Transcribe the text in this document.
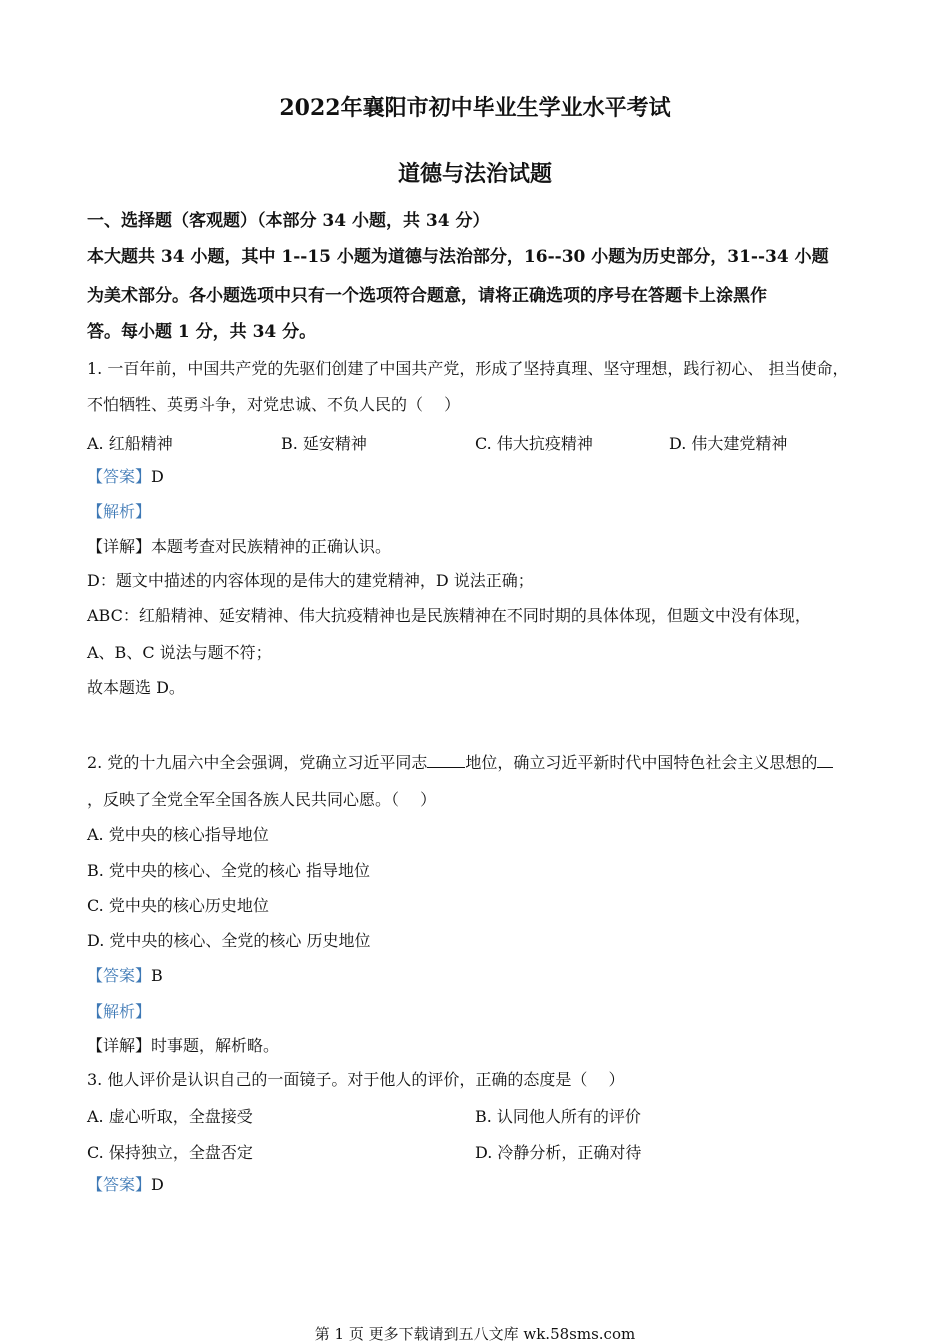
2022年襄阳市初中毕业生学业水平考试
道德与法治试题
一、选择题（客观题）（本部分 34 小题，共 34 分）
本大题共 34 小题，其中 1--15 小题为道德与法治部分，16--30 小题为历史部分，31--34 小题
为美术部分。各小题选项中只有一个选项符合题意，请将正确选项的序号在答题卡上涂黑作
答。每小题 1 分，共 34 分。
1. 一百年前，中国共产党的先驱们创建了中国共产党，形成了坚持真理、坚守理想，践行初心、 担当使命，
不怕牺牲、英勇斗争，对党忠诚、不负人民的（　 ）
A. 红船精神	B. 延安精神	C. 伟大抗疫精神	D. 伟大建党精神
【答案】D
【解析】
【详解】本题考查对民族精神的正确认识。
D：题文中描述的内容体现的是伟大的建党精神，D 说法正确；
ABC：红船精神、延安精神、伟大抗疫精神也是民族精神在不同时期的具体体现，但题文中没有体现，
A、B、C 说法与题不符；
故本题选 D。
2. 党的十九届六中全会强调，党确立习近平同志 地位，确立习近平新时代中国特色社会主义思想的
，反映了全党全军全国各族人民共同心愿。（　 ）
A. 党中央的核心指导地位
B. 党中央的核心、全党的核心 指导地位
C. 党中央的核心历史地位
D. 党中央的核心、全党的核心 历史地位
【答案】B
【解析】
【详解】时事题，解析略。
3. 他人评价是认识自己的一面镜子。对于他人的评价，正确的态度是（　 ）
A. 虚心听取，全盘接受	B. 认同他人所有的评价
C. 保持独立，全盘否定	D. 冷静分析，正确对待
【答案】D
第 1 页 更多下载请到五八文库 wk.58sms.com
